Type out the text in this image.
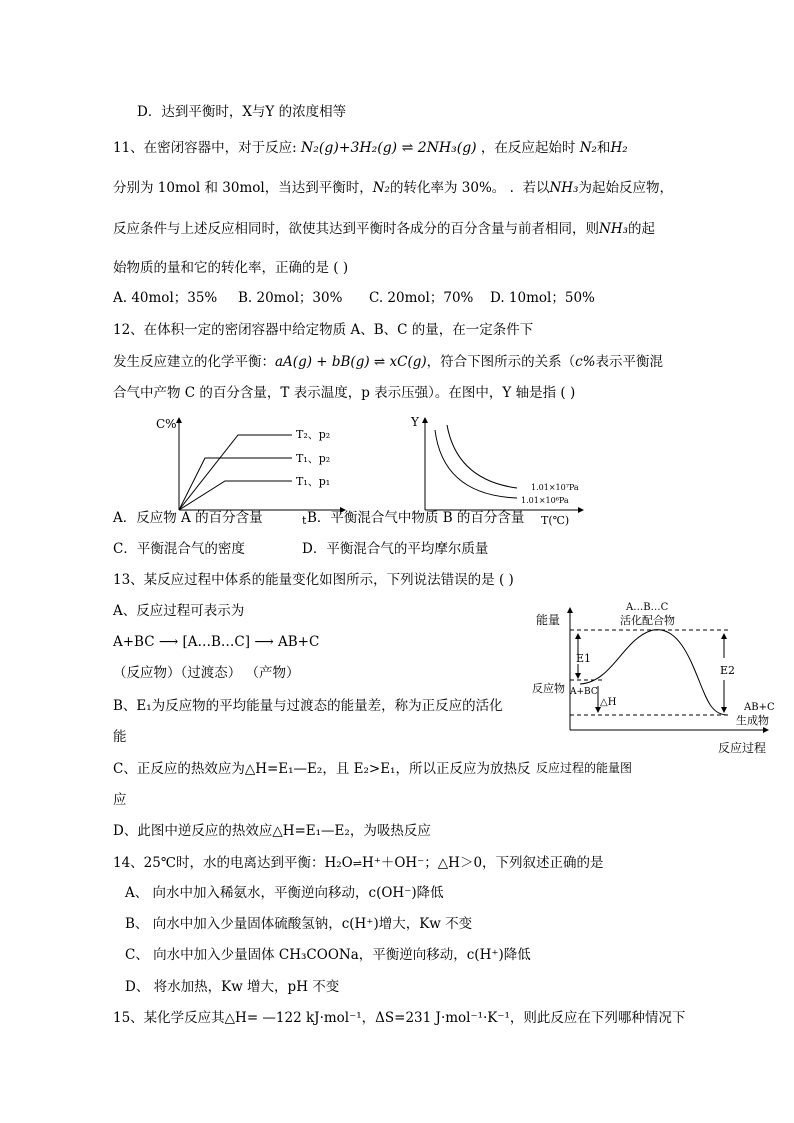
D．达到平衡时，X与Y 的浓度相等
11、在密闭容器中，对于反应: N₂(g)+3H₂(g) ⇌ 2NH₃(g) ，在反应起始时 N₂和H₂
分别为 10mol 和 30mol，当达到平衡时，N₂的转化率为 30%。 .  若以NH₃为起始反应物，
反应条件与上述反应相同时，欲使其达到平衡时各成分的百分含量与前者相同，则NH₃的起
始物质的量和它的转化率，正确的是 ( )
A. 40mol；35% B. 20mol；30% C. 20mol；70% D. 10mol；50%
12、在体积一定的密闭容器中给定物质 A、B、C 的量，在一定条件下
发生反应建立的化学平衡：aA(g) + bB(g) ⇌ xC(g)，符合下图所示的关系（c%表示平衡混
合气中产物 C 的百分含量，T 表示温度，p 表示压强）。在图中，Y 轴是指 ( )
C%
T₂、p₂
T₁、p₂
T₁、p₁
t
Y
1.01×10⁷Pa
1.01×10⁶Pa
T(℃)
A．反应物 A 的百分含量	B．平衡混合气中物质 B 的百分含量
C．平衡混合气的密度	D．平衡混合气的平均摩尔质量
13、某反应过程中体系的能量变化如图所示，下列说法错误的是 ( )
A、反应过程可表示为
A+BC ⟶ [A…B…C] ⟶ AB+C
（反应物）（过渡态） （产物）
B、E₁为反应物的平均能量与过渡态的能量差，称为正反应的活化
能
C、正反应的热效应为△H=E₁—E₂，且 E₂>E₁，所以正反应为放热反
应
D、此图中逆反应的热效应△H=E₁—E₂，为吸热反应
能量
A…B…C
活化配合物
E1
E2
△H
反应物 A+BC
AB+C
生成物
反应过程
反应过程的能量图
14、25℃时，水的电离达到平衡：H₂O⇌H⁺＋OH⁻；△H＞0，下列叙述正确的是
A、 向水中加入稀氨水，平衡逆向移动，c(OH⁻)降低
B、 向水中加入少量固体硫酸氢钠，c(H⁺)增大，Kw 不变
C、 向水中加入少量固体 CH₃COONa，平衡逆向移动，c(H⁺)降低
D、 将水加热，Kw 增大，pH 不变
15、某化学反应其△H= —122 kJ·mol⁻¹，ΔS=231 J·mol⁻¹·K⁻¹，则此反应在下列哪种情况下
